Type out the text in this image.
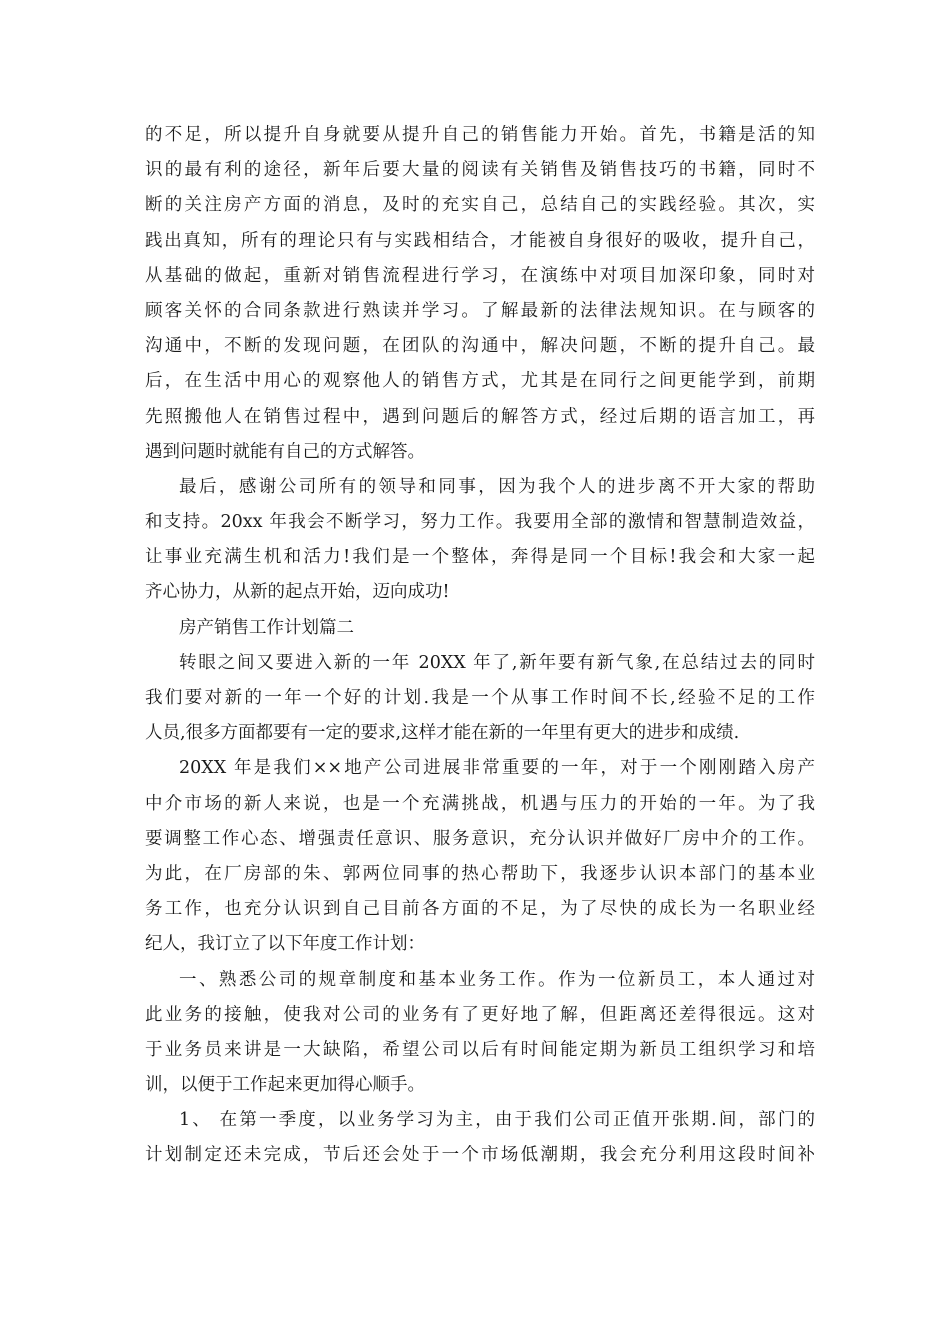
的不足，所以提升自身就要从提升自己的销售能力开始。首先，书籍是活的知
识的最有利的途径，新年后要大量的阅读有关销售及销售技巧的书籍，同时不
断的关注房产方面的消息，及时的充实自己，总结自己的实践经验。其次，实
践出真知，所有的理论只有与实践相结合，才能被自身很好的吸收，提升自己，
从基础的做起，重新对销售流程进行学习，在演练中对项目加深印象，同时对
顾客关怀的合同条款进行熟读并学习。了解最新的法律法规知识。在与顾客的
沟通中，不断的发现问题，在团队的沟通中，解决问题，不断的提升自己。最
后，在生活中用心的观察他人的销售方式，尤其是在同行之间更能学到，前期
先照搬他人在销售过程中，遇到问题后的解答方式，经过后期的语言加工，再
遇到问题时就能有自己的方式解答。
最后，感谢公司所有的领导和同事，因为我个人的进步离不开大家的帮助
和支持。20xx 年我会不断学习，努力工作。我要用全部的激情和智慧制造效益，
让事业充满生机和活力!我们是一个整体，奔得是同一个目标!我会和大家一起
齐心协力，从新的起点开始，迈向成功!
房产销售工作计划篇二
转眼之间又要进入新的一年 20XX 年了,新年要有新气象,在总结过去的同时
我们要对新的一年一个好的计划.我是一个从事工作时间不长,经验不足的工作
人员,很多方面都要有一定的要求,这样才能在新的一年里有更大的进步和成绩.
20XX 年是我们××地产公司进展非常重要的一年，对于一个刚刚踏入房产
中介市场的新人来说，也是一个充满挑战，机遇与压力的开始的一年。为了我
要调整工作心态、增强责任意识、服务意识，充分认识并做好厂房中介的工作。
为此，在厂房部的朱、郭两位同事的热心帮助下，我逐步认识本部门的基本业
务工作，也充分认识到自己目前各方面的不足，为了尽快的成长为一名职业经
纪人，我订立了以下年度工作计划：
一、熟悉公司的规章制度和基本业务工作。作为一位新员工，本人通过对
此业务的接触，使我对公司的业务有了更好地了解，但距离还差得很远。这对
于业务员来讲是一大缺陷，希望公司以后有时间能定期为新员工组织学习和培
训，以便于工作起来更加得心顺手。
1、 在第一季度，以业务学习为主，由于我们公司正值开张期.间，部门的
计划制定还未完成，节后还会处于一个市场低潮期，我会充分利用这段时间补
